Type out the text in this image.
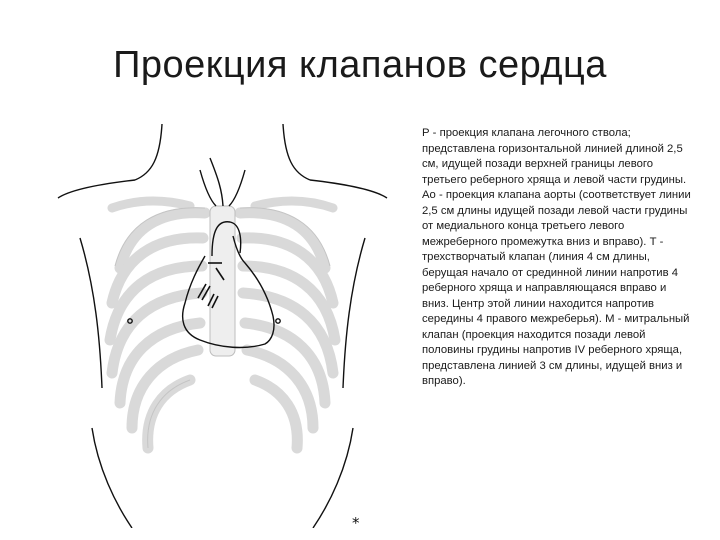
Проекция клапанов сердца
Р - проекция клапана легочного ствола; представлена горизонтальной линией длиной 2,5 см, идущей позади верхней границы левого третьего реберного хряща и левой части грудины. Ао - проекция клапана аорты (соответствует линии 2,5 см длины идущей позади левой части грудины от медиального конца третьего левого межреберного промежутка вниз и вправо). Т - трехстворчатый клапан (линия 4 см длины, берущая начало от срединной линии напротив 4 реберного хряща и направляющаяся вправо и вниз. Центр этой линии находится напротив середины 4 правого межреберья). М - митральный клапан (проекция находится позади левой половины грудины напротив IV реберного хряща, представлена линией 3 см длины, идущей вниз и вправо).
*
